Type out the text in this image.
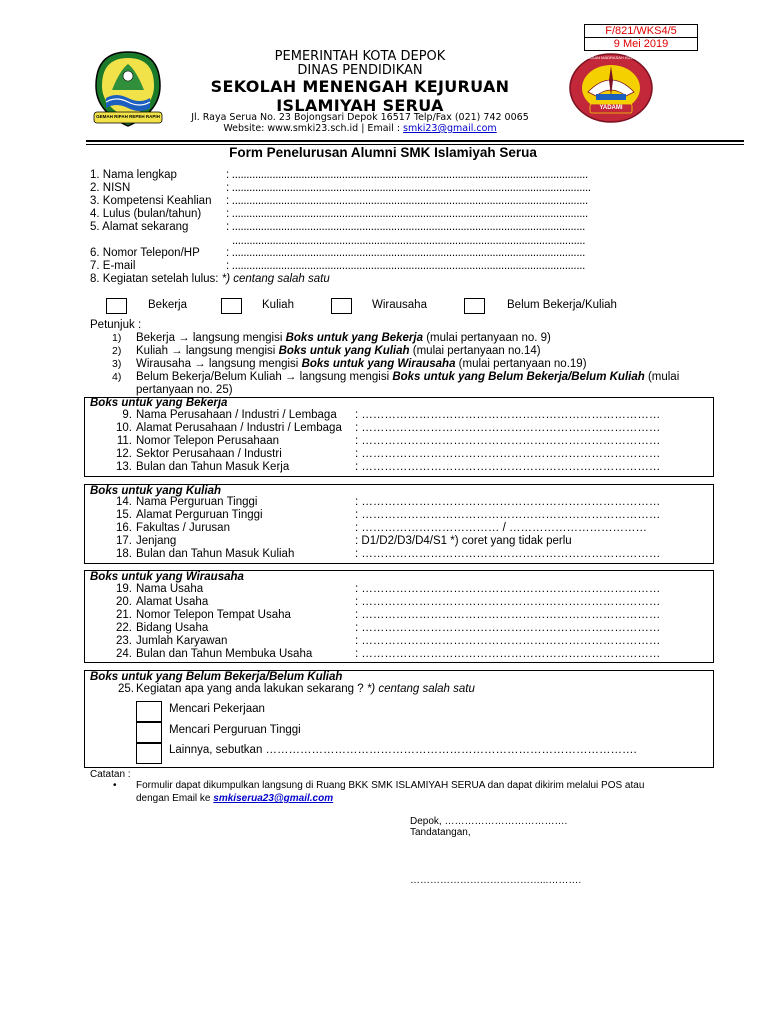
F/821/WKS4/5
9 Mei 2019
GEMAH RIPAH REPEH RAPIH
YAYASAN MADRASAH ISLAMIYAH SERUA
YADAMI
PEMERINTAH KOTA DEPOK
DINAS PENDIDIKAN
SEKOLAH MENENGAH KEJURUAN
ISLAMIYAH SERUA
Jl. Raya Serua No. 23 Bojongsari Depok 16517 Telp/Fax (021) 742 0065
Website: www.smki23.sch.id | Email : smki23@gmail.com
Form Penelurusan Alumni SMK Islamiyah Serua
1. Nama lengkap	: ...........................................................................................................................
2. NISN	: ............................................................................................................................
3. Kompetensi Keahlian : ...........................................................................................................................
4. Lulus (bulan/tahun) : ...........................................................................................................................
5. Alamat sekarang	: ..........................................................................................................................
..........................................................................................................................
6. Nomor Telepon/HP : ..........................................................................................................................
7. E-mail	: ..........................................................................................................................
8. Kegiatan setelah lulus: *) centang salah satu
Bekerja	Kuliah	Wirausaha	Belum Bekerja/Kuliah
Petunjuk :
1) Bekerja → langsung mengisi Boks untuk yang Bekerja (mulai pertanyaan no. 9)
2) Kuliah → langsung mengisi Boks untuk yang Kuliah (mulai pertanyaan no.14)
3) Wirausaha → langsung mengisi Boks untuk yang Wirausaha (mulai pertanyaan no.19)
4) Belum Bekerja/Belum Kuliah → langsung mengisi Boks untuk yang Belum Bekerja/Belum Kuliah (mulai
pertanyaan no. 25)
Boks untuk yang Bekerja
9. Nama Perusahaan / Industri / Lembaga : ……………………………………………………………………
10. Alamat Perusahaan / Industri / Lembaga : ……………………………………………………………………
11. Nomor Telepon Perusahaan	: ……………………………………………………………………
12. Sektor Perusahaan / Industri	: ……………………………………………………………………
13. Bulan dan Tahun Masuk Kerja	: ……………………………………………………………………
Boks untuk yang Kuliah
14. Nama Perguruan Tinggi	: ……………………………………………………………………
15. Alamat Perguruan Tinggi	: ……………………………………………………………………
16. Fakultas / Jurusan	: ……………………………… / ………………………………
17. Jenjang	: D1/D2/D3/D4/S1 *) coret yang tidak perlu
18. Bulan dan Tahun Masuk Kuliah	: ……………………………………………………………………
Boks untuk yang Wirausaha
19. Nama Usaha	: ……………………………………………………………………
20. Alamat Usaha	: ……………………………………………………………………
21. Nomor Telepon Tempat Usaha	: ……………………………………………………………………
22. Bidang Usaha	: ……………………………………………………………………
23. Jumlah Karyawan	: ……………………………………………………………………
24. Bulan dan Tahun Membuka Usaha	: ……………………………………………………………………
Boks untuk yang Belum Bekerja/Belum Kuliah
25. Kegiatan apa yang anda lakukan sekarang ? *) centang salah satu
Mencari Pekerjaan
Mencari Perguruan Tinggi
Lainnya, sebutkan …………………………………………………………………………………….
Catatan :
• Formulir dapat dikumpulkan langsung di Ruang BKK SMK ISLAMIYAH SERUA dan dapat dikirim melalui POS atau
dengan Email ke smkiserua23@gmail.com
Depok, ……………………………….
Tandatangan,
…………………………………...……….
